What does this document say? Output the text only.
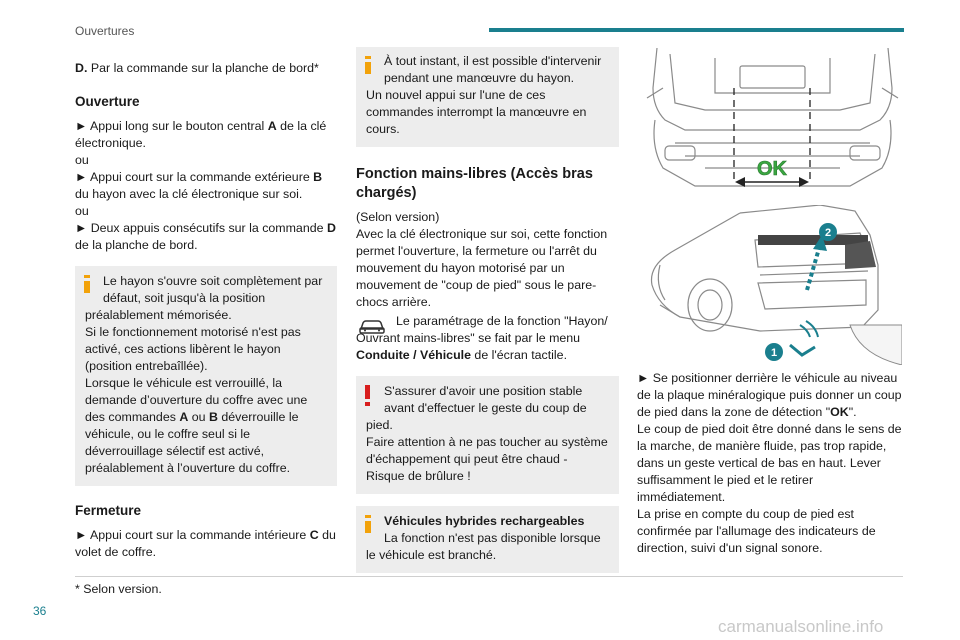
Ouvertures

D. Par la commande sur la planche de bord*

Ouverture

► Appui long sur le bouton central A de la clé électronique.

ou

► Appui court sur la commande extérieure B du hayon avec la clé électronique sur soi.

ou

► Deux appuis consécutifs sur la commande D de la planche de bord.

Le hayon s'ouvre soit complètement par défaut, soit jusqu'à la position

préalablement mémorisée.

Si le fonctionnement motorisé n'est pas activé, ces actions libèrent le hayon (position entrebaîllée).

Lorsque le véhicule est verrouillé, la demande d’ouverture du coffre avec une des commandes A ou B déverrouille le véhicule, ou le coffre seul si le déverrouillage sélectif est activé, préalablement à l’ouverture du coffre.

Fermeture

► Appui court sur la commande intérieure C du volet de coffre.

À tout instant, il est possible d'intervenir pendant une manœuvre du hayon.

Un nouvel appui sur l'une de ces commandes interrompt la manœuvre en cours.

Fonction mains-libres (Accès bras chargés)

(Selon version)

Avec la clé électronique sur soi, cette fonction permet l'ouverture, la fermeture ou l'arrêt du mouvement du hayon motorisé par un mouvement de "coup de pied" sous le pare-chocs arrière.

Le paramétrage de la fonction "Hayon/ Ouvrant mains-libres" se fait par le menu Conduite / Véhicule de l'écran tactile.

S'assurer d'avoir une position stable avant d'effectuer le geste du coup de

pied.

Faire attention à ne pas toucher au système d'échappement qui peut être chaud - Risque de brûlure !

Véhicules hybrides rechargeables

La fonction n'est pas disponible lorsque

le véhicule est branché.

OK
2
1

► Se positionner derrière le véhicule au niveau de la plaque minéralogique puis donner un coup de pied dans la zone de détection "OK".

Le coup de pied doit être donné dans le sens de la marche, de manière fluide, pas trop rapide, dans un geste vertical de bas en haut. Lever suffisamment le pied et le retirer immédiatement.

La prise en compte du coup de pied est confirmée par l'allumage des indicateurs de direction, suivi d'un signal sonore.

* Selon version.
36
carmanualsonline.info
